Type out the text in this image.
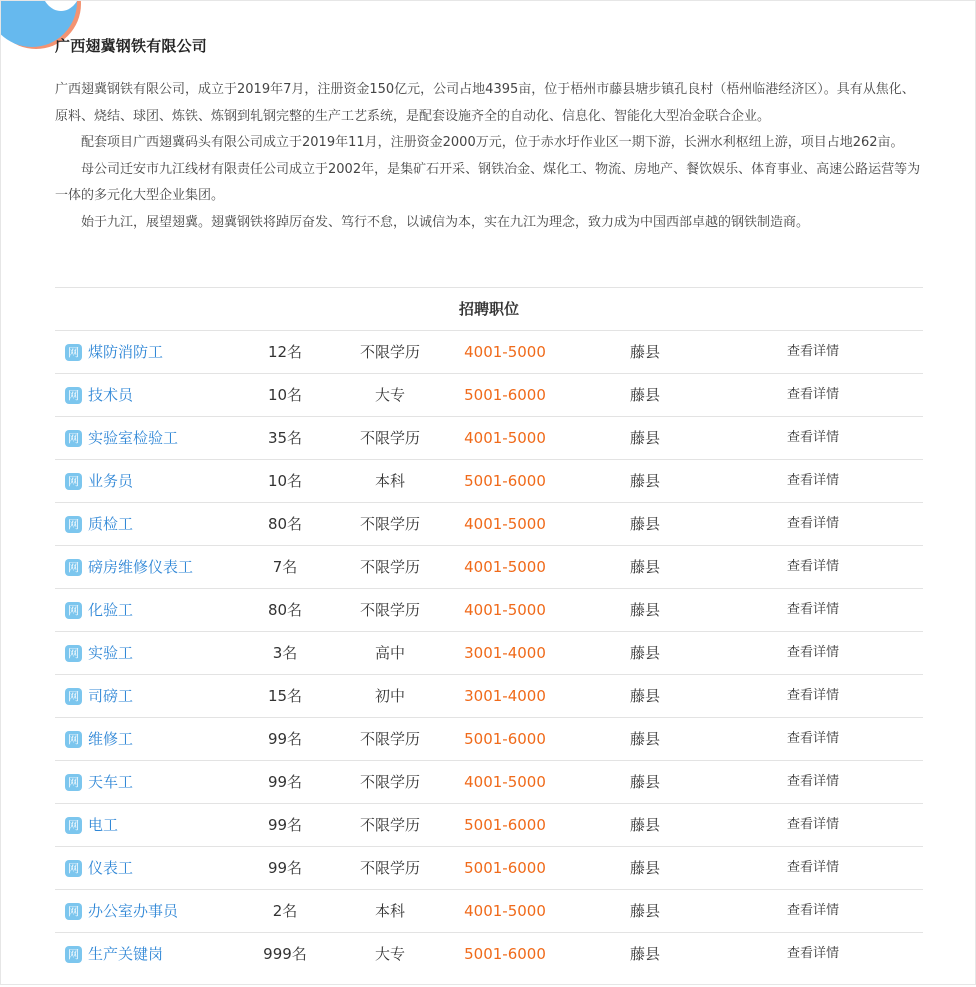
广西翅冀钢铁有限公司

广西翅冀钢铁有限公司，成立于2019年7月，注册资金150亿元，公司占地4395亩，位于梧州市藤县塘步镇孔良村（梧州临港经济区）。具有从焦化、原料、烧结、球团、炼铁、炼钢到轧钢完整的生产工艺系统，是配套设施齐全的自动化、信息化、智能化大型冶金联合企业。

配套项目广西翅冀码头有限公司成立于2019年11月，注册资金2000万元，位于赤水圩作业区一期下游，长洲水利枢纽上游，项目占地262亩。

母公司迁安市九江线材有限责任公司成立于2002年，是集矿石开采、钢铁冶金、煤化工、物流、房地产、餐饮娱乐、体育事业、高速公路运营等为一体的多元化大型企业集团。

始于九江，展望翅冀。翅冀钢铁将踔厉奋发、笃行不怠，以诚信为本，实在九江为理念，致力成为中国西部卓越的钢铁制造商。

招聘职位
网 煤防消防工	12名	不限学历	4001-5000	藤县	查看详情
网 技术员	10名	大专	5001-6000	藤县	查看详情
网 实验室检验工	35名	不限学历	4001-5000	藤县	查看详情
网 业务员	10名	本科	5001-6000	藤县	查看详情
网 质检工	80名	不限学历	4001-5000	藤县	查看详情
网 磅房维修仪表工	7名	不限学历	4001-5000	藤县	查看详情
网 化验工	80名	不限学历	4001-5000	藤县	查看详情
网 实验工	3名	高中	3001-4000	藤县	查看详情
网 司磅工	15名	初中	3001-4000	藤县	查看详情
网 维修工	99名	不限学历	5001-6000	藤县	查看详情
网 天车工	99名	不限学历	4001-5000	藤县	查看详情
网 电工	99名	不限学历	5001-6000	藤县	查看详情
网 仪表工	99名	不限学历	5001-6000	藤县	查看详情
网 办公室办事员	2名	本科	4001-5000	藤县	查看详情
网 生产关键岗	999名	大专	5001-6000	藤县	查看详情
